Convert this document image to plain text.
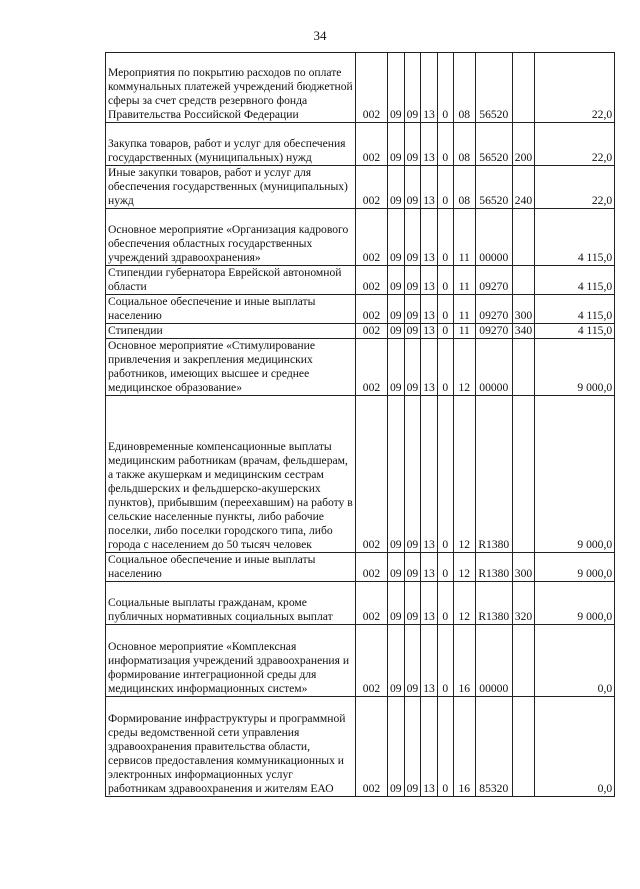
34
Мероприятия по покрытию расходов по оплате коммунальных платежей учреждений бюджетной сферы за счет средств резервного фонда Правительства Российской Федерации	002	09	09	13	0	08	56520		22,0
Закупка товаров, работ и услуг для обеспечения государственных (муниципальных) нужд	002	09	09	13	0	08	56520	200	22,0
Иные закупки товаров, работ и услуг для обеспечения государственных (муниципальных) нужд	002	09	09	13	0	08	56520	240	22,0
Основное мероприятие «Организация кадрового обеспечения областных государственных учреждений здравоохранения»	002	09	09	13	0	11	00000		4 115,0
Стипендии губернатора Еврейской автономной области	002	09	09	13	0	11	09270		4 115,0
Социальное обеспечение и иные выплаты населению	002	09	09	13	0	11	09270	300	4 115,0
Стипендии	002	09	09	13	0	11	09270	340	4 115,0
Основное мероприятие «Стимулирование привлечения и закрепления медицинских работников, имеющих высшее и среднее медицинское образование»	002	09	09	13	0	12	00000		9 000,0
Единовременные компенсационные выплаты медицинским работникам (врачам, фельдшерам, а также акушеркам и медицинским сестрам фельдшерских и фельдшерско-акушерских пунктов), прибывшим (переехавшим) на работу в сельские населенные пункты, либо рабочие поселки, либо поселки городского типа, либо города с населением до 50 тысяч человек	002	09	09	13	0	12	R1380		9 000,0
Социальное обеспечение и иные выплаты населению	002	09	09	13	0	12	R1380	300	9 000,0
Социальные выплаты гражданам, кроме публичных нормативных социальных выплат	002	09	09	13	0	12	R1380	320	9 000,0
Основное мероприятие «Комплексная информатизация учреждений здравоохранения и формирование интеграционной среды для медицинских информационных систем»	002	09	09	13	0	16	00000		0,0
Формирование инфраструктуры и программной среды ведомственной сети управления здравоохранения правительства области, сервисов предоставления коммуникационных и электронных информационных услуг работникам здравоохранения и жителям ЕАО	002	09	09	13	0	16	85320		0,0
